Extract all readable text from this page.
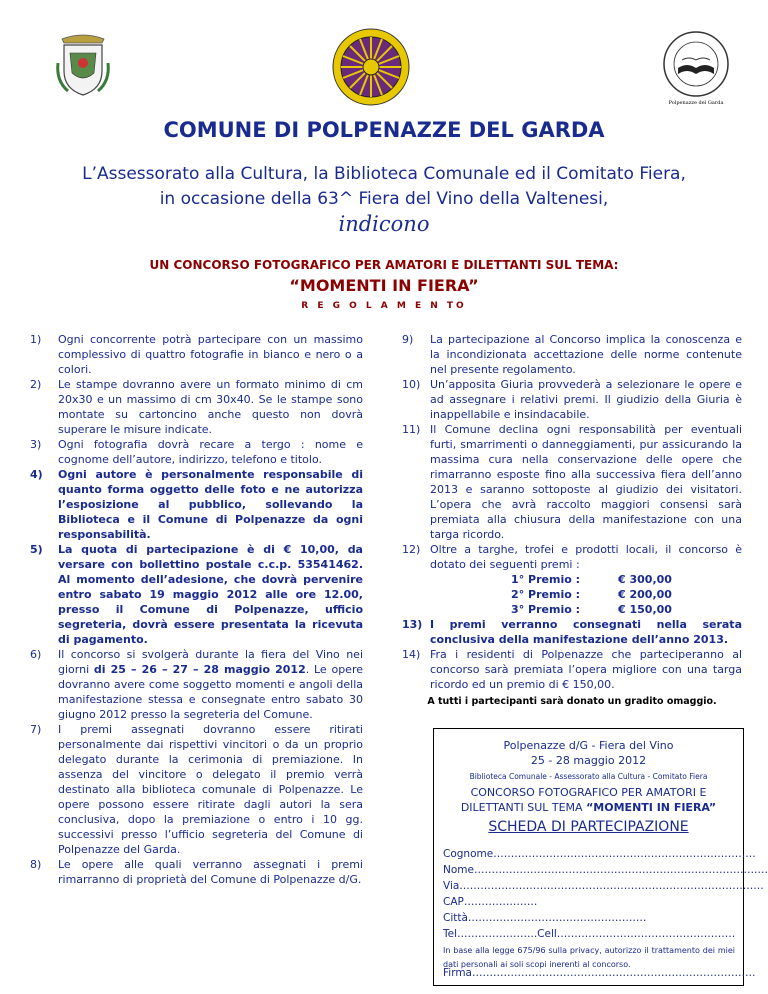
Polpenazze del Garda
COMUNE DI POLPENAZZE DEL GARDA
L’Assessorato alla Cultura, la Biblioteca Comunale ed il Comitato Fiera,
in occasione della 63^ Fiera del Vino della Valtenesi,
indicono
UN CONCORSO FOTOGRAFICO PER AMATORI E DILETTANTI SUL TEMA:
“MOMENTI IN FIERA”
R E G O L A M E N TO
1)	Ogni concorrente potrà partecipare con un massimo complessivo di quattro fotografie in bianco e nero o a colori.
2)	Le stampe dovranno avere un formato minimo di cm 20x30 e un massimo di cm 30x40. Se le stampe sono montate su cartoncino anche questo non dovrà superare le misure indicate.
3)	Ogni fotografia dovrà recare a tergo : nome e cognome dell’autore, indirizzo, telefono e titolo.
4)	Ogni autore è personalmente responsabile di quanto forma oggetto delle foto e ne autorizza l’esposizione al pubblico, sollevando la Biblioteca e il Comune di Polpenazze da ogni responsabilità.
5)	La quota di partecipazione è di € 10,00, da versare con bollettino postale c.c.p. 53541462. Al momento dell’adesione, che dovrà pervenire entro sabato 19 maggio 2012 alle ore 12.00, presso il Comune di Polpenazze, ufficio segreteria, dovrà essere presentata la ricevuta di pagamento.
6)	Il concorso si svolgerà durante la fiera del Vino nei giorni di 25 – 26 – 27 – 28 maggio 2012. Le opere dovranno avere come soggetto momenti e angoli della manifestazione stessa e consegnate entro sabato 30 giugno 2012 presso la segreteria del Comune.
7)	I premi assegnati dovranno essere ritirati personalmente dai rispettivi vincitori o da un proprio delegato durante la cerimonia di premiazione. In assenza del vincitore o delegato il premio verrà destinato alla biblioteca comunale di Polpenazze. Le opere possono essere ritirate dagli autori la sera conclusiva, dopo la premiazione o entro i 10 gg. successivi presso l’ufficio segreteria del Comune di Polpenazze del Garda.
8)	Le opere alle quali verranno assegnati i premi rimarranno di proprietà del Comune di Polpenazze d/G.
9)	La partecipazione al Concorso implica la conoscenza e la incondizionata accettazione delle norme contenute nel presente regolamento.
10) Un’apposita Giuria provvederà a selezionare le opere e ad assegnare i relativi premi. Il giudizio della Giuria è inappellabile e insindacabile.
11) Il Comune declina ogni responsabilità per eventuali furti, smarrimenti o danneggiamenti, pur assicurando la massima cura nella conservazione delle opere che rimarranno esposte fino alla successiva fiera dell’anno 2013 e saranno sottoposte al giudizio dei visitatori. L’opera che avrà raccolto maggiori consensi sarà premiata alla chiusura della manifestazione con una targa ricordo.
12) Oltre a targhe, trofei e prodotti locali, il concorso è dotato dei seguenti premi :
1° Premio :	€ 300,00
2° Premio :	€ 200,00
3° Premio :	€ 150,00
13) I premi verranno consegnati nella serata conclusiva della manifestazione dell’anno 2013.
14) Fra i residenti di Polpenazze che parteciperanno al concorso sarà premiata l’opera migliore con una targa ricordo ed un premio di € 150,00.
A tutti i partecipanti sarà donato un gradito omaggio.
Polpenazze d/G - Fiera del Vino
25 - 28 maggio 2012
Biblioteca Comunale - Assessorato alla Cultura - Comitato Fiera
CONCORSO FOTOGRAFICO PER AMATORI E
DILETTANTI SUL TEMA “MOMENTI IN FIERA”
SCHEDA DI PARTECIPAZIONE
Cognome…………………………………………………………………
Nome…………………………………………………………………………
Via……………………………………………………………………………
CAP…………………Città……………………………………………
Tel…………………..Cell……………………………………………
In base alla legge 675/96 sulla privacy, autorizzo il trattamento dei miei dati personali ai soli scopi inerenti al concorso.
Firma………………………………………………………………………
